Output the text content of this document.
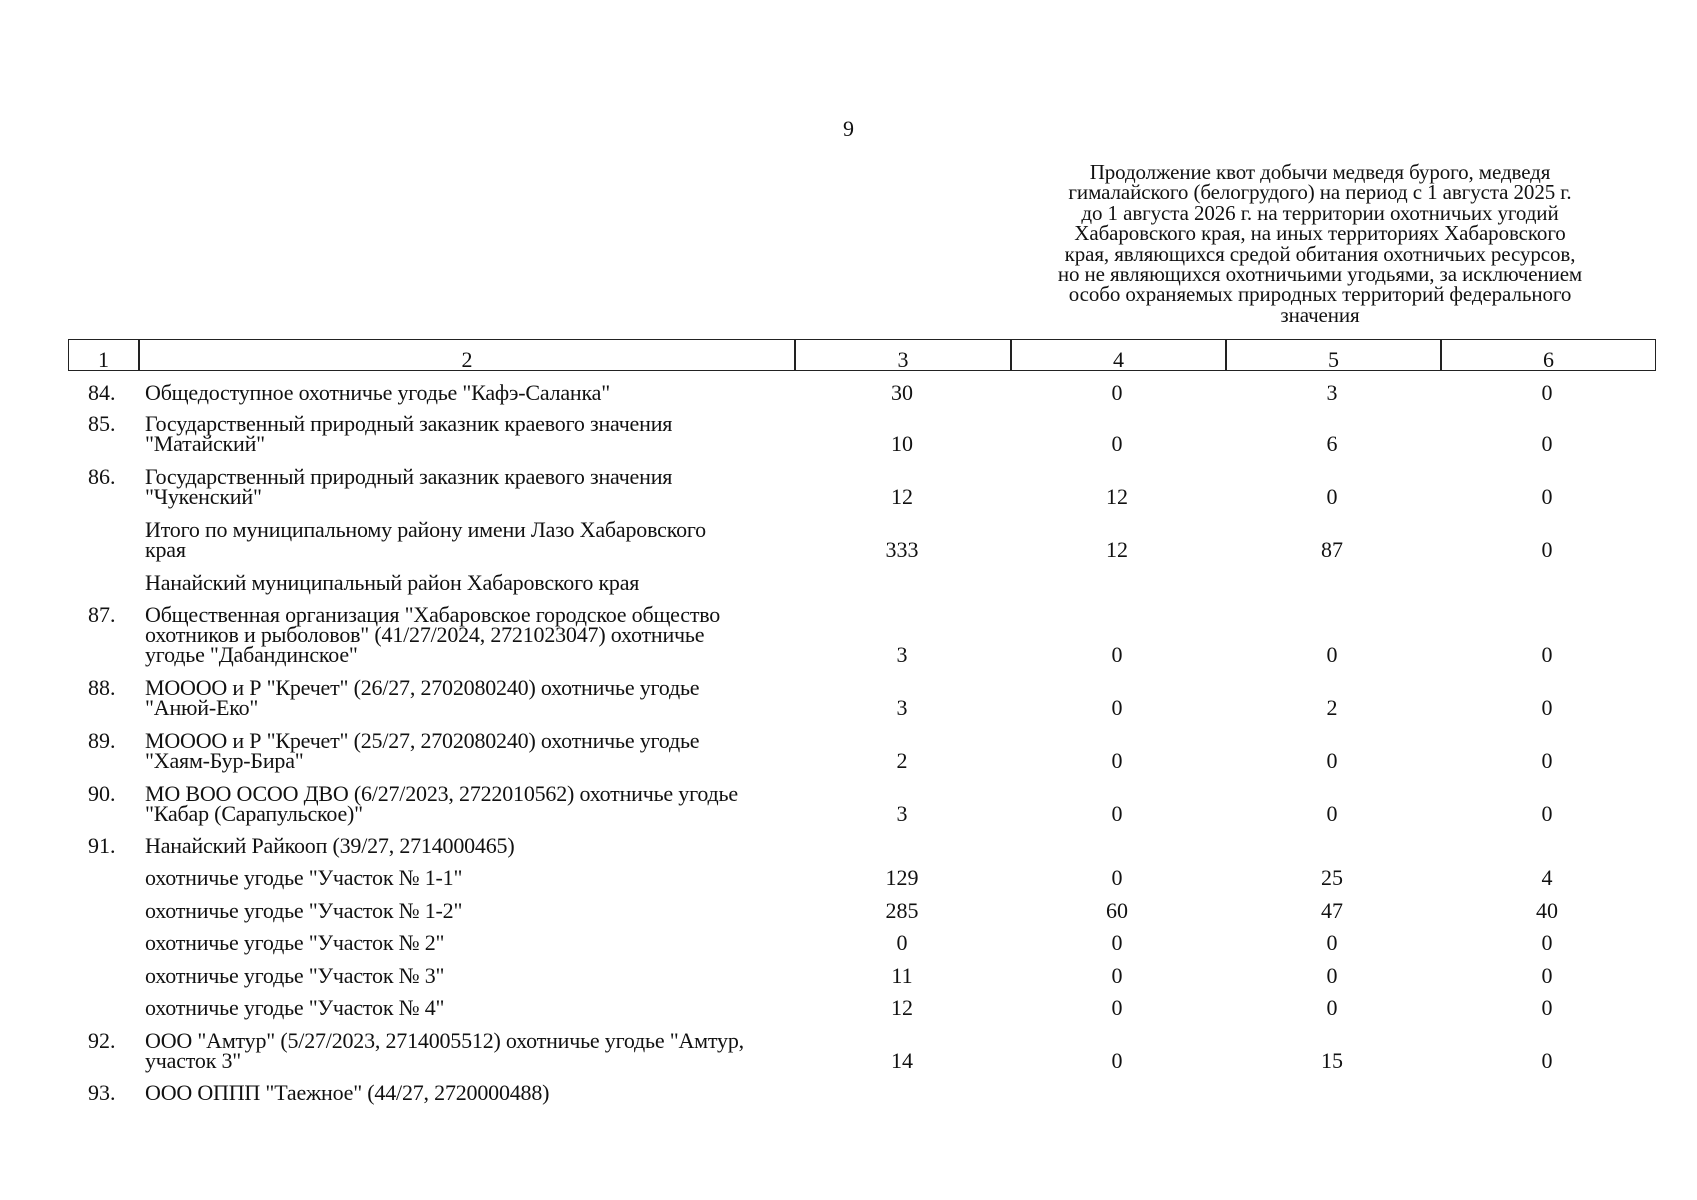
9
Продолжение квот добычи медведя бурого, медведя
гималайского (белогрудого) на период с 1 августа 2025 г.
до 1 августа 2026 г. на территории охотничьих угодий
Хабаровского края, на иных территориях Хабаровского
края, являющихся средой обитания охотничьих ресурсов,
но не являющихся охотничьими угодьями, за исключением
особо охраняемых природных территорий федерального
значения
1	2	3	4	5	6
84. Общедоступное охотничье угодье "Кафэ-Саланка"	30	0	3	0
85. Государственный природный заказник краевого значения
"Матайский"	10	0	6	0
86. Государственный природный заказник краевого значения
"Чукенский"	12	12	0	0
Итого по муниципальному району имени Лазо Хабаровского
края	333	12	87	0
Нанайский муниципальный район Хабаровского края
87. Общественная организация "Хабаровское городское общество
охотников и рыболовов" (41/27/2024, 2721023047) охотничье
угодье "Дабандинское"	3	0	0	0
88. МОООО и Р "Кречет" (26/27, 2702080240) охотничье угодье
"Анюй-Еко"	3	0	2	0
89. МОООО и Р "Кречет" (25/27, 2702080240) охотничье угодье
"Хаям-Бур-Бира"	2	0	0	0
90. МО ВОО ОСОО ДВО (6/27/2023, 2722010562) охотничье угодье
"Кабар (Сарапульское)"	3	0	0	0
91. Нанайский Райкооп (39/27, 2714000465)
охотничье угодье "Участок № 1-1"	129	0	25	4
охотничье угодье "Участок № 1-2"	285	60	47	40
охотничье угодье "Участок № 2"	0	0	0	0
охотничье угодье "Участок № 3"	11	0	0	0
охотничье угодье "Участок № 4"	12	0	0	0
92. ООО "Амтур" (5/27/2023, 2714005512) охотничье угодье "Амтур,
участок 3"	14	0	15	0
93. ООО ОППП "Таежное" (44/27, 2720000488)
